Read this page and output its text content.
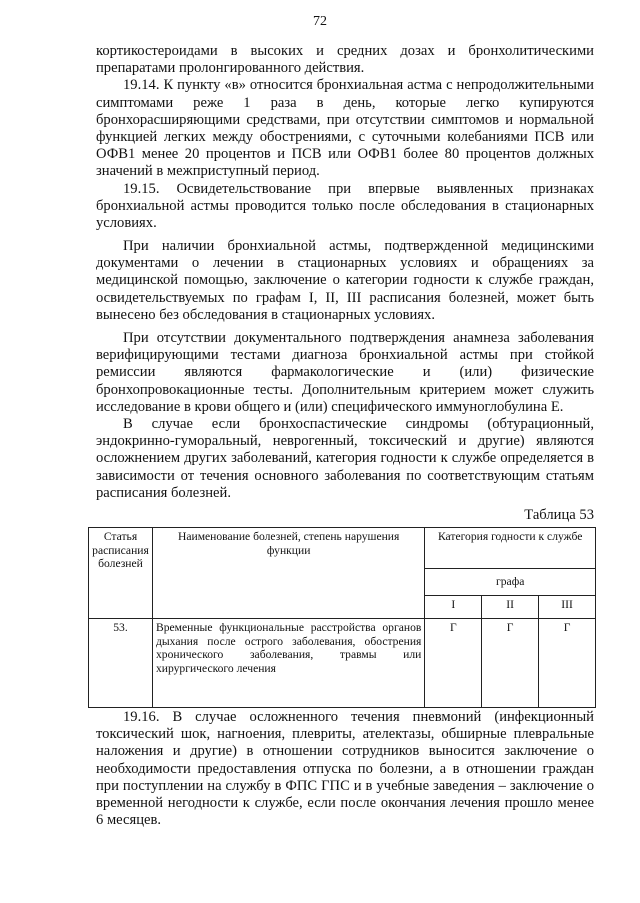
72

кортикостероидами в высоких и средних дозах и бронхолитическими препаратами пролонгированного действия.

19.14. К пункту «в» относится бронхиальная астма с непродолжительными симптомами реже 1 раза в день, которые легко купируются бронхорасширяющими средствами, при отсутствии симптомов и нормальной функцией легких между обострениями, с суточными колебаниями ПСВ или ОФВ1 менее 20 процентов и ПСВ или ОФВ1 более 80 процентов должных значений в межприступный период.

19.15. Освидетельствование при впервые выявленных признаках бронхиальной астмы проводится только после обследования в стационарных условиях.

При наличии бронхиальной астмы, подтвержденной медицинскими документами о лечении в стационарных условиях и обращениях за медицинской помощью, заключение о категории годности к службе граждан, освидетельствуемых по графам I, II, III расписания болезней, может быть вынесено без обследования в стационарных условиях.

При отсутствии документального подтверждения анамнеза заболевания верифицирующими тестами диагноза бронхиальной астмы при стойкой ремиссии являются фармакологические и (или) физические бронхопровокационные тесты. Дополнительным критерием может служить исследование в крови общего и (или) специфического иммуноглобулина Е.

В случае если бронхоспастические синдромы (обтурационный, эндокринно-гуморальный, неврогенный, токсический и другие) являются осложнением других заболеваний, категория годности к службе определяется в зависимости от течения основного заболевания по соответствующим статьям расписания болезней.

Таблица 53
Статья расписания болезней	Наименование болезней, степень нарушения функции	Категория годности к службе		
		графа		
		I	II	III
53.	Временные функциональные расстройства органов дыхания после острого заболевания, обострения хронического заболевания, травмы или хирургического лечения	Г	Г	Г

19.16. В случае осложненного течения пневмоний (инфекционный токсический шок, нагноения, плевриты, ателектазы, обширные плевральные наложения и другие) в отношении сотрудников выносится заключение о необходимости предоставления отпуска по болезни, а в отношении граждан при поступлении на службу в ФПС ГПС и в учебные заведения – заключение о временной негодности к службе, если после окончания лечения прошло менее 6 месяцев.
